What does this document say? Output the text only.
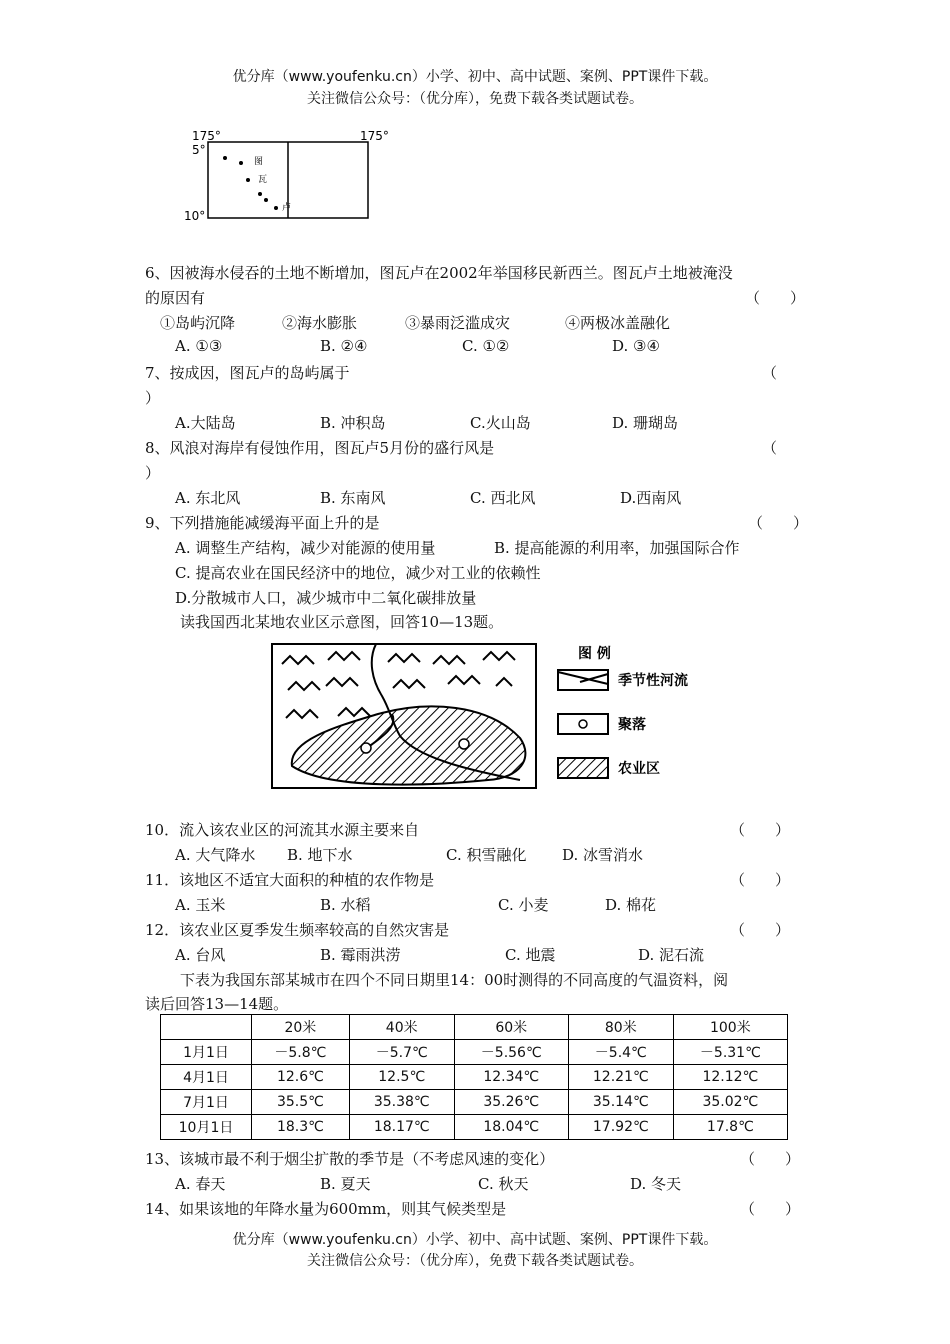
优分库（www.youfenku.cn）小学、初中、高中试题、案例、PPT课件下载。
关注微信公众号：（优分库），免费下载各类试题试卷。
175°	175°
5°
10°
图
瓦
卢
6、因被海水侵吞的土地不断增加，图瓦卢在2002年举国移民新西兰。图瓦卢土地被淹没
的原因有	（　　）
①岛屿沉降	②海水膨胀	③暴雨泛滥成灾	④两极冰盖融化
A. ①③	B. ②④	C. ①②	D. ③④
7、按成因，图瓦卢的岛屿属于	（
）
A.大陆岛	B. 冲积岛	C.火山岛	D. 珊瑚岛
8、风浪对海岸有侵蚀作用，图瓦卢5月份的盛行风是	（
）
A. 东北风	B. 东南风	C. 西北风	D.西南风
9、下列措施能减缓海平面上升的是	（　　）
A. 调整生产结构，减少对能源的使用量	B. 提高能源的利用率，加强国际合作
C. 提高农业在国民经济中的地位，减少对工业的依赖性
D.分散城市人口，减少城市中二氧化碳排放量
读我国西北某地农业区示意图，回答10—13题。
图 例
季节性河流
聚落
农业区
10．流入该农业区的河流其水源主要来自	（　　）
A. 大气降水 B. 地下水	C. 积雪融化 D. 冰雪消水
11．该地区不适宜大面积的种植的农作物是	（　　）
A. 玉米	B. 水稻	C. 小麦	D. 棉花
12．该农业区夏季发生频率较高的自然灾害是	（　　）
A. 台风	B. 霉雨洪涝	C. 地震	D. 泥石流
下表为我国东部某城市在四个不同日期里14：00时测得的不同高度的气温资料，阅
读后回答13—14题。
	20米	40米	60米	80米	100米
1月1日	－5.8℃	－5.7℃	－5.56℃	－5.4℃	－5.31℃
4月1日	12.6℃	12.5℃	12.34℃	12.21℃	12.12℃
7月1日	35.5℃	35.38℃	35.26℃	35.14℃	35.02℃
10月1日	18.3℃	18.17℃	18.04℃	17.92℃	17.8℃
13、该城市最不利于烟尘扩散的季节是（不考虑风速的变化）	（　　）
A. 春天	B. 夏天	C. 秋天	D. 冬天
14、如果该地的年降水量为600mm，则其气候类型是	（　　）
优分库（www.youfenku.cn）小学、初中、高中试题、案例、PPT课件下载。
关注微信公众号：（优分库），免费下载各类试题试卷。
